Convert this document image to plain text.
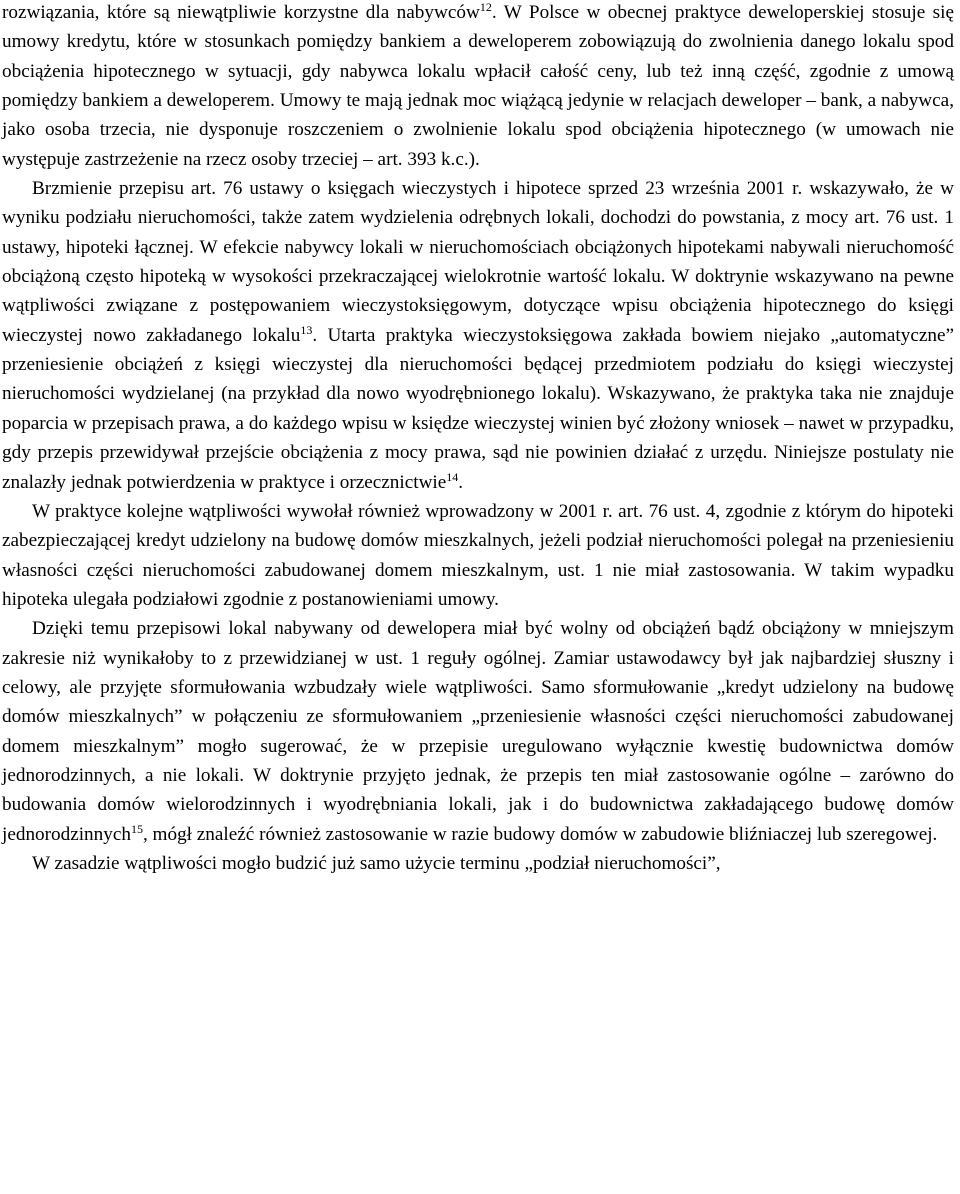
rozwiązania, które są niewątpliwie korzystne dla nabywców$^{12}$. W Polsce w obecnej praktyce deweloperskiej stosuje się umowy kredytu, które w stosunkach pomiędzy bankiem a deweloperem zobowiązują do zwolnienia danego lokalu spod obciążenia hipotecznego w sytuacji, gdy nabywca lokalu wpłacił całość ceny, lub też inną część, zgodnie z umową pomiędzy bankiem a deweloperem. Umowy te mają jednak moc wiążącą jedynie w relacjach deweloper – bank, a nabywca, jako osoba trzecia, nie dysponuje roszczeniem o zwolnienie lokalu spod obciążenia hipotecznego (w umowach nie występuje zastrzeżenie na rzecz osoby trzeciej – art. 393 k.c.).

Brzmienie przepisu art. 76 ustawy o księgach wieczystych i hipotece sprzed 23 września 2001 r. wskazywało, że w wyniku podziału nieruchomości, także zatem wydzielenia odrębnych lokali, dochodzi do powstania, z mocy art. 76 ust. 1 ustawy, hipoteki łącznej. W efekcie nabywcy lokali w nieruchomościach obciążonych hipotekami nabywali nieruchomość obciążoną często hipoteką w wysokości przekraczającej wielokrotnie wartość lokalu. W doktrynie wskazywano na pewne wątpliwości związane z postępowaniem wieczystoksięgowym, dotyczące wpisu obciążenia hipotecznego do księgi wieczystej nowo zakładanego lokalu$^{13}$. Utarta praktyka wieczystoksięgowa zakłada bowiem niejako „automatyczne” przeniesienie obciążeń z księgi wieczystej dla nieruchomości będącej przedmiotem podziału do księgi wieczystej nieruchomości wydzielanej (na przykład dla nowo wyodrębnionego lokalu). Wskazywano, że praktyka taka nie znajduje poparcia w przepisach prawa, a do każdego wpisu w księdze wieczystej winien być złożony wniosek – nawet w przypadku, gdy przepis przewidywał przejście obciążenia z mocy prawa, sąd nie powinien działać z urzędu. Niniejsze postulaty nie znalazły jednak potwierdzenia w praktyce i orzecznictwie$^{14}$.

W praktyce kolejne wątpliwości wywołał również wprowadzony w 2001 r. art. 76 ust. 4, zgodnie z którym do hipoteki zabezpieczającej kredyt udzielony na budowę domów mieszkalnych, jeżeli podział nieruchomości polegał na przeniesieniu własności części nieruchomości zabudowanej domem mieszkalnym, ust. 1 nie miał zastosowania. W takim wypadku hipoteka ulegała podziałowi zgodnie z postanowieniami umowy.

Dzięki temu przepisowi lokal nabywany od dewelopera miał być wolny od obciążeń bądź obciążony w mniejszym zakresie niż wynikałoby to z przewidzianej w ust. 1 reguły ogólnej. Zamiar ustawodawcy był jak najbardziej słuszny i celowy, ale przyjęte sformułowania wzbudzały wiele wątpliwości. Samo sformułowanie „kredyt udzielony na budowę domów mieszkalnych” w połączeniu ze sformułowaniem „przeniesienie własności części nieruchomości zabudowanej domem mieszkalnym” mogło sugerować, że w przepisie uregulowano wyłącznie kwestię budownictwa domów jednorodzinnych, a nie lokali. W doktrynie przyjęto jednak, że przepis ten miał zastosowanie ogólne – zarówno do budowania domów wielorodzinnych i wyodrębniania lokali, jak i do budownictwa zakładającego budowę domów jednorodzinnych$^{15}$, mógł znaleźć również zastosowanie w razie budowy domów w zabudowie bliźniaczej lub szeregowej.

W zasadzie wątpliwości mogło budzić już samo użycie terminu „podział nieruchomości”,
